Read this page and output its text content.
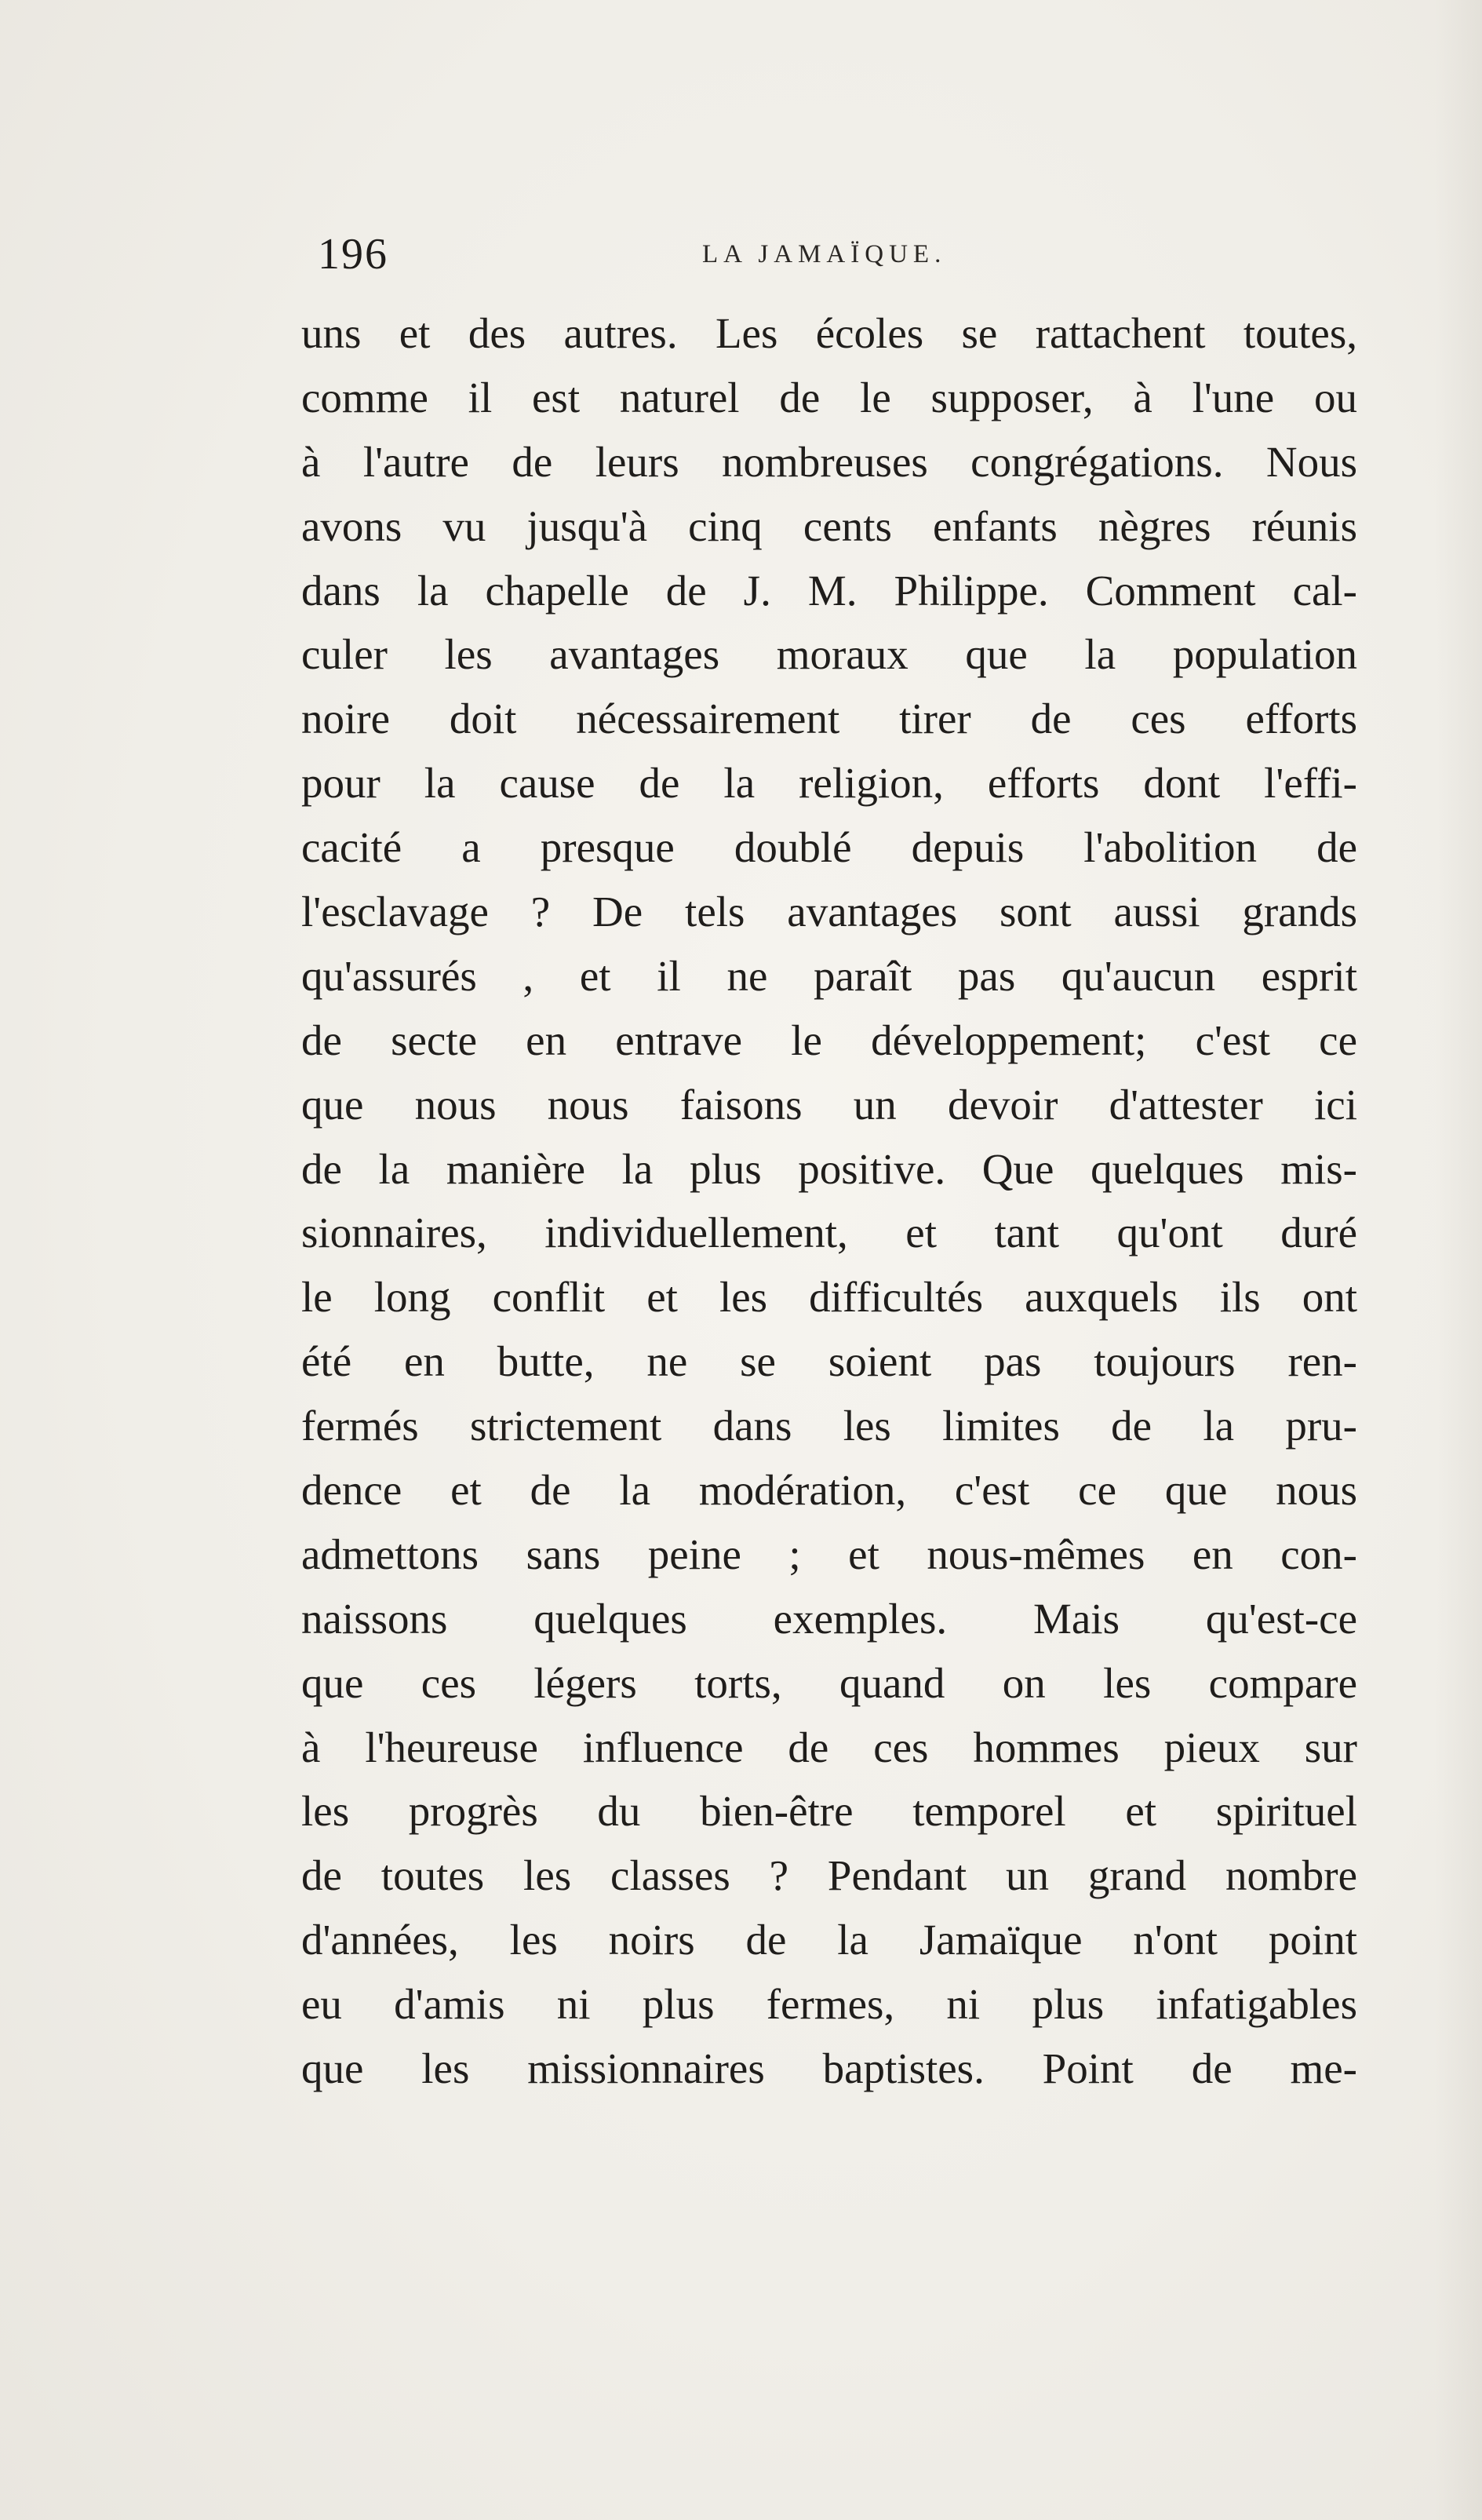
196	LA JAMAÏQUE.
uns et des autres. Les écoles se rattachent toutes,
comme il est naturel de le supposer, à l'une ou
à l'autre de leurs nombreuses congrégations. Nous
avons vu jusqu'à cinq cents enfants nègres réunis
dans la chapelle de J. M. Philippe. Comment cal-
culer les avantages moraux que la population
noire doit nécessairement tirer de ces efforts
pour la cause de la religion, efforts dont l'effi-
cacité a presque doublé depuis l'abolition de
l'esclavage ? De tels avantages sont aussi grands
qu'assurés , et il ne paraît pas qu'aucun esprit
de secte en entrave le développement; c'est ce
que nous nous faisons un devoir d'attester ici
de la manière la plus positive. Que quelques mis-
sionnaires, individuellement, et tant qu'ont duré
le long conflit et les difficultés auxquels ils ont
été en butte, ne se soient pas toujours ren-
fermés strictement dans les limites de la pru-
dence et de la modération, c'est ce que nous
admettons sans peine ; et nous-mêmes en con-
naissons quelques exemples. Mais qu'est-ce
que ces légers torts, quand on les compare
à l'heureuse influence de ces hommes pieux sur
les progrès du bien-être temporel et spirituel
de toutes les classes ? Pendant un grand nombre
d'années, les noirs de la Jamaïque n'ont point
eu d'amis ni plus fermes, ni plus infatigables
que les missionnaires baptistes. Point de me-
